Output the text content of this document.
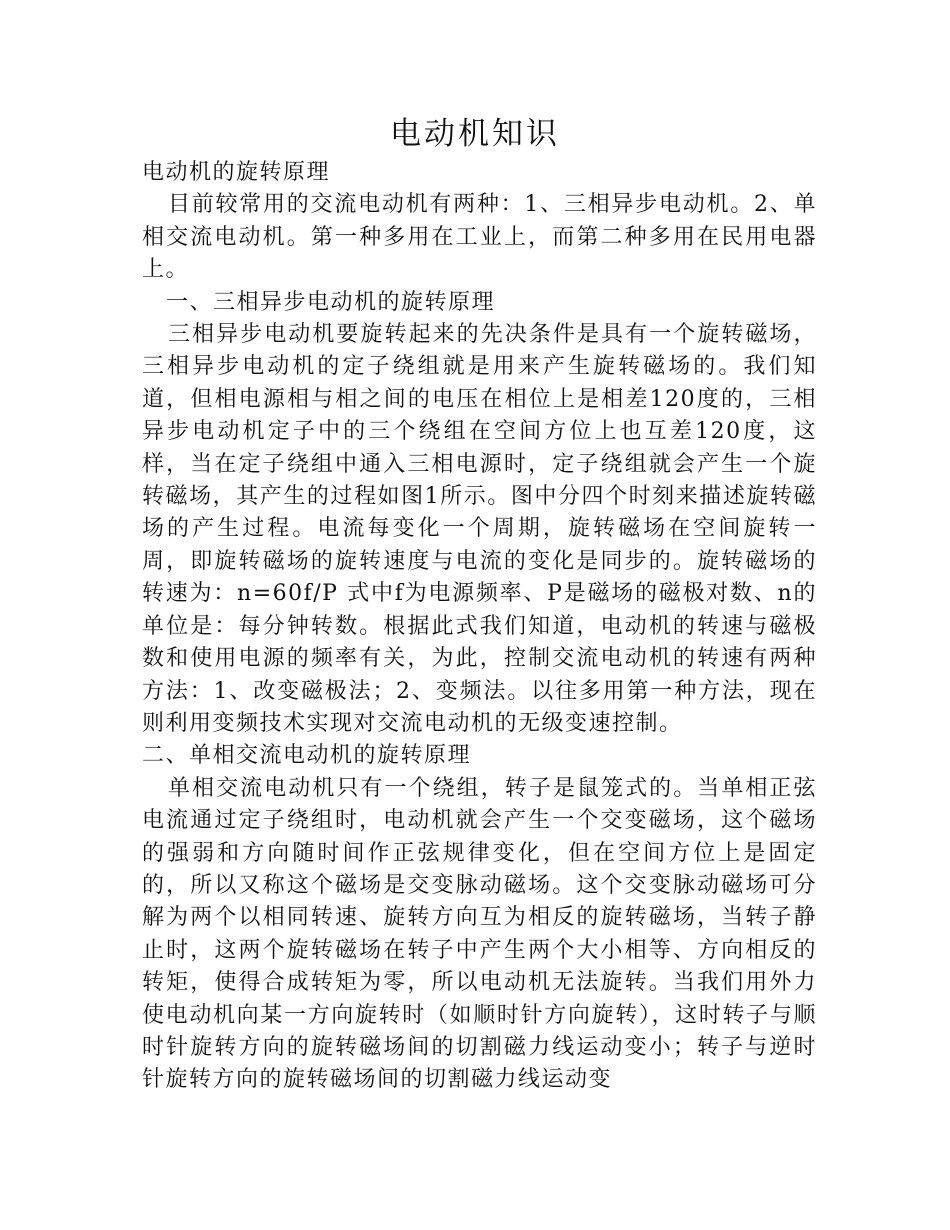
电动机知识

电动机的旋转原理

目前较常用的交流电动机有两种：1、三相异步电动机。2、单相交流电动机。第一种多用在工业上，而第二种多用在民用电器上。

一、三相异步电动机的旋转原理

三相异步电动机要旋转起来的先决条件是具有一个旋转磁场，三相异步电动机的定子绕组就是用来产生旋转磁场的。我们知道，但相电源相与相之间的电压在相位上是相差120度的，三相异步电动机定子中的三个绕组在空间方位上也互差120度，这样，当在定子绕组中通入三相电源时，定子绕组就会产生一个旋转磁场，其产生的过程如图1所示。图中分四个时刻来描述旋转磁场的产生过程。电流每变化一个周期，旋转磁场在空间旋转一周，即旋转磁场的旋转速度与电流的变化是同步的。旋转磁场的转速为：n=60f/P 式中f为电源频率、P是磁场的磁极对数、n的单位是：每分钟转数。根据此式我们知道，电动机的转速与磁极数和使用电源的频率有关，为此，控制交流电动机的转速有两种方法：1、改变磁极法；2、变频法。以往多用第一种方法，现在则利用变频技术实现对交流电动机的无级变速控制。

二、单相交流电动机的旋转原理

单相交流电动机只有一个绕组，转子是鼠笼式的。当单相正弦电流通过定子绕组时，电动机就会产生一个交变磁场，这个磁场的强弱和方向随时间作正弦规律变化，但在空间方位上是固定的，所以又称这个磁场是交变脉动磁场。这个交变脉动磁场可分解为两个以相同转速、旋转方向互为相反的旋转磁场，当转子静止时，这两个旋转磁场在转子中产生两个大小相等、方向相反的转矩，使得合成转矩为零，所以电动机无法旋转。当我们用外力使电动机向某一方向旋转时（如顺时针方向旋转），这时转子与顺时针旋转方向的旋转磁场间的切割磁力线运动变小；转子与逆时针旋转方向的旋转磁场间的切割磁力线运动变
